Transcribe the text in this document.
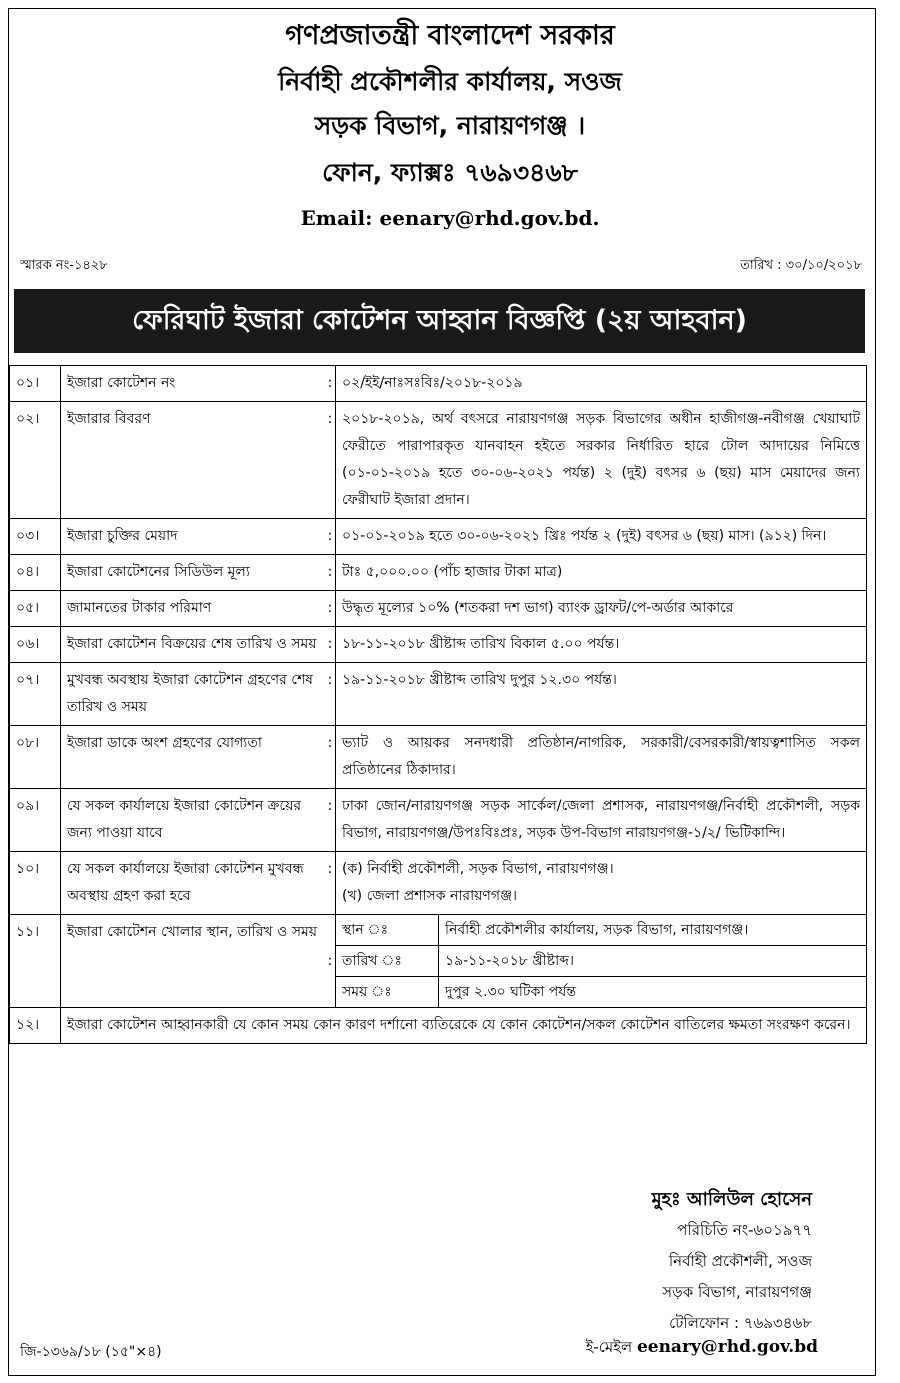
গণপ্রজাতন্ত্রী বাংলাদেশ সরকার
নির্বাহী প্রকৌশলীর কার্যালয়, সওজ
সড়ক বিভাগ, নারায়ণগঞ্জ ।
ফোন, ফ্যাক্সঃ ৭৬৯৩৪৬৮
Email: eenary@rhd.gov.bd.
স্মারক নং-১৪২৮	তারিখ : ৩০/১০/২০১৮
ফেরিঘাট ইজারা কোটেশন আহ্বান বিজ্ঞপ্তি (২য় আহবান)
০১।	ইজারা কোটেশন নং	:	০২/ইই/নাঃসঃবিঃ/২০১৮-২০১৯
০২।	ইজারার বিবরণ	:	২০১৮-২০১৯, অর্থ বৎসরে নারায়ণগঞ্জ সড়ক বিভাগের অধীন হাজীগঞ্জ-নবীগঞ্জ খেয়াঘাট ফেরীতে পারাপারকৃত যানবাহন হইতে সরকার নির্ধারিত হারে টোল আদায়ের নিমিত্তে (০১-০১-২০১৯ হতে ৩০-০৬-২০২১ পর্যন্ত) ২ (দুই) বৎসর ৬ (ছয়) মাস মেয়াদের জন্য ফেরীঘাট ইজারা প্রদান।
০৩।	ইজারা চুক্তির মেয়াদ	:	০১-০১-২০১৯ হতে ৩০-০৬-২০২১ খ্রিঃ পর্যন্ত ২ (দুই) বৎসর ৬ (ছয়) মাস। (৯১২) দিন।
০৪।	ইজারা কোটেশনের সিডিউল মূল্য	:	টাঃ ৫,০০০.০০ (পাঁচ হাজার টাকা মাত্র)
০৫।	জামানতের টাকার পরিমাণ	:	উদ্ধৃত মূল্যের ১০% (শতকরা দশ ভাগ) ব্যাংক ড্রাফট/পে-অর্ডার আকারে
০৬।	ইজারা কোটেশন বিক্রয়ের শেষ তারিখ ও সময়	:	১৮-১১-২০১৮ খ্রীষ্টাব্দ তারিখ বিকাল ৫.০০ পর্যন্ত।
০৭।	মুখবন্ধ অবস্থায় ইজারা কোটেশন গ্রহণের শেষ তারিখ ও সময়	:	১৯-১১-২০১৮ খ্রীষ্টাব্দ তারিখ দুপুর ১২.৩০ পর্যন্ত।
০৮।	ইজারা ডাকে অংশ গ্রহণের যোগ্যতা	:	ভ্যাট ও আয়কর সনদধারী প্রতিষ্ঠান/নাগরিক, সরকারী/বেসরকারী/স্বায়ত্বশাসিত সকল প্রতিষ্ঠানের ঠিকাদার।
০৯।	যে সকল কার্যালয়ে ইজারা কোটেশন ক্রয়ের জন্য পাওয়া যাবে	:	ঢাকা জোন/নারায়ণগঞ্জ সড়ক সার্কেল/জেলা প্রশাসক, নারায়ণগঞ্জ/নির্বাহী প্রকৌশলী, সড়ক বিভাগ, নারায়ণগঞ্জ/উপঃবিঃপ্রঃ, সড়ক উপ-বিভাগ নারায়ণগঞ্জ-১/২/ ভিটিকান্দি।
১০।	যে সকল কার্যালয়ে ইজারা কোটেশন মুখবন্ধ অবস্থায় গ্রহণ করা হবে	:	(ক) নির্বাহী প্রকৌশলী, সড়ক বিভাগ, নারায়ণগঞ্জ।
(খ) জেলা প্রশাসক নারায়ণগঞ্জ।

১১।	ইজারা কোটেশন খোলার স্থান, তারিখ ও সময়	:	
স্থান ঃ	নির্বাহী প্রকৌশলীর কার্যালয়, সড়ক বিভাগ, নারায়ণগঞ্জ।
তারিখ ঃ	১৯-১১-২০১৮ খ্রীষ্টাব্দ।
সময় ঃ	দুপুর ২.৩০ ঘটিকা পর্যন্ত

১২।	ইজারা কোটেশন আহ্বানকারী যে কোন সময় কোন কারণ দর্শানো ব্যতিরেকে যে কোন কোটেশন/সকল কোটেশন বাতিলের ক্ষমতা সংরক্ষণ করেন।
মুহঃ আলিউল হোসেন
পরিচিতি নং-৬০১৯৭৭
নির্বাহী প্রকৌশলী, সওজ
সড়ক বিভাগ, নারায়ণগঞ্জ
টেলিফোন : ৭৬৯৩৪৬৮
জি-১৩৬৯/১৮ (১৫"×৪)	ই-মেইল eenary@rhd.gov.bd
